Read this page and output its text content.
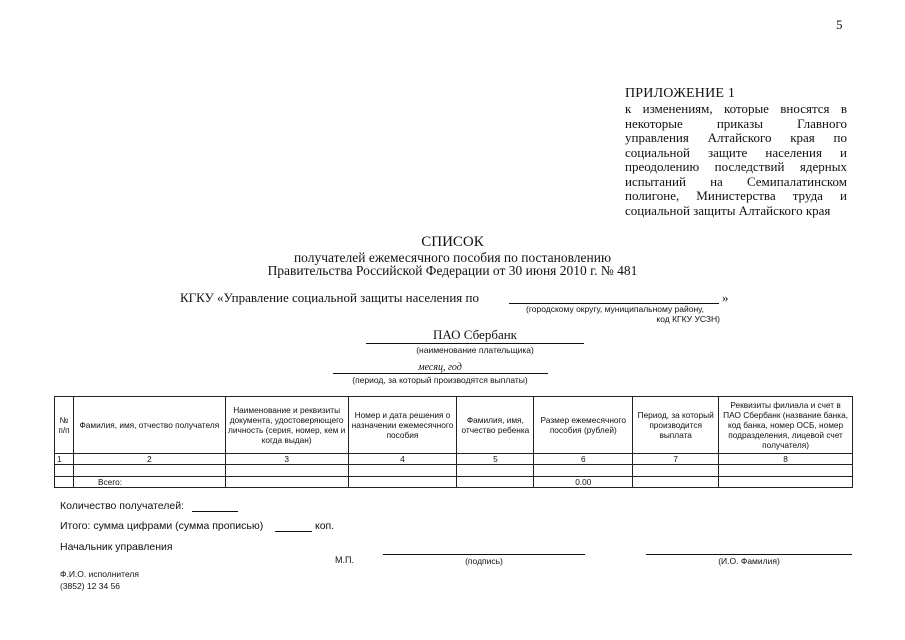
5
ПРИЛОЖЕНИЕ 1
к изменениям, которые вносятся в некоторые приказы Главного управления Алтайского края по социальной защите населения и преодолению последствий ядерных испытаний на Семипалатинском полигоне, Министерства труда и социальной защиты Алтайского края
СПИСОК
получателей ежемесячного пособия по постановлению
Правительства Российской Федерации от 30 июня 2010 г. № 481
КГКУ «Управление социальной защиты населения по	»
(городскому округу, муниципальному району,
код КГКУ УСЗН)
ПАО Сбербанк
(наименование плательщика)
месяц, год
(период, за который производятся выплаты)
№ п/п	Фамилия, имя, отчество получателя	Наименование и реквизиты документа, удостоверяющего личность (серия, номер, кем и когда выдан)	Номер и дата решения о назначении ежемесячного пособия	Фамилия, имя, отчество ребенка	Размер ежемесячного пособия (рублей)	Период, за который производится выплата	Реквизиты филиала и счет в ПАО Сбербанк (название банка, код банка, номер ОСБ, номер подразделения, лицевой счет получателя)
1	2	3	4	5	6	7	8

	Всего:				0.00		
Количество получателей:
Итого: сумма цифрами (сумма прописью)	коп.
Начальник управления
М.П.	(подпись)	(И.О. Фамилия)
Ф.И.О. исполнителя
(3852) 12 34 56
